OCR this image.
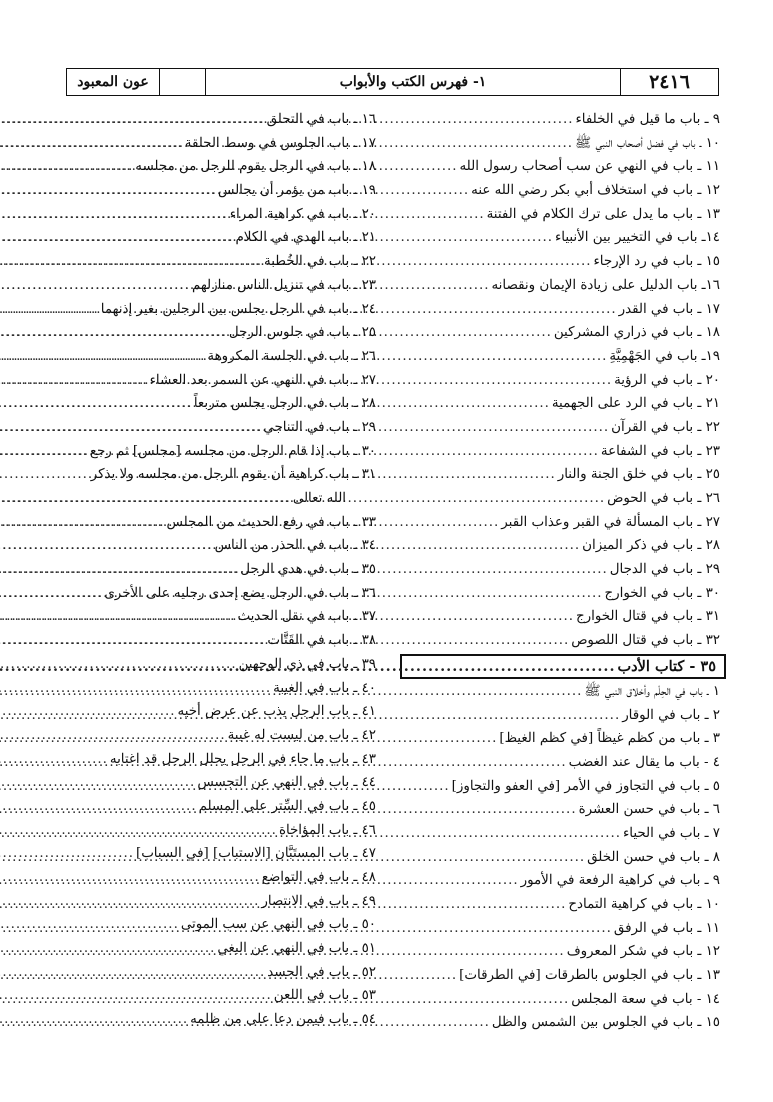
٢٤١٦
١- فهرس الكتب والأبواب
عون المعبود
٩ ـ باب ما قيل في الخلفاء
.....
١٠ ـ باب في فضل أصحاب النبي ﷺ
.....
١١ ـ باب في النهي عن سب أصحاب رسول الله
.....
١٢ ـ باب في استخلاف أبي بكر رضي الله عنه
.....
١٣ ـ باب ما يدل على ترك الكلام في الفتنة
.....
١٤ـ باب في التخيير بين الأنبياء
.....
١٥ ـ باب في رد الإرجاء
.....
١٦ـ باب الدليل على زيادة الإيمان ونقصانه
.....
١٧ ـ باب في القدر
.....
١٨ ـ باب في ذراري المشركين
.....
١٩ـ باب في الجَهْمِيَّةِ
.....
٢٠ ـ باب في الرؤية
.....
٢١ ـ باب في الرد على الجهمية
.....
٢٢ ـ باب في القرآن
.....
٢٣ ـ باب في الشفاعة
.....
٢٥ ـ باب في خلق الجنة والنار
.....
٢٦ ـ باب في الحوض
.....
٢٧ ـ باب المسألة في القبر وعذاب القبر
.....
٢٨ ـ باب في ذكر الميزان
.....
٢٩ ـ باب في الدجال
.....
٣٠ ـ باب في الخوارج
.....
٣١ ـ باب في قتال الخوارج
.....
٣٢ ـ باب في قتال اللصوص
.....
٣٥ - كتاب الأدب
.....
١ ـ باب في الحِلْم وأخلاق النبي ﷺ
.....
٢ ـ باب في الوقار
.....
٣ ـ باب من كظم غيظاً [في كظم الغيظ]
.....
٤ - باب ما يقال عند الغضب
.....
٥ ـ باب في التجاوز في الأمر [في العفو والتجاوز]
.....
٦ ـ باب في حسن العشرة
.....
٧ ـ باب في الحياء
.....
٨ ـ باب في حسن الخلق
.....
٩ ـ باب في كراهية الرفعة في الأمور
.....
١٠ ـ باب في كراهية التمادح
.....
١١ ـ باب في الرفق
.....
١٢ ـ باب في شكر المعروف
.....
١٣ ـ باب في الجلوس بالطرقات [في الطرقات]
.....
١٤ - باب في سعة المجلس
.....
١٥ ـ باب في الجلوس بين الشمس والظل
.....
١٦ ـ باب في التحلق
.....
١٧ ـ باب الجلوس في وسط الحلقة
.....
١٨ ـ باب في الرجل يقوم للرجل من مجلسه
.....
١٩ ـ باب من يؤمر أن يجالس
.....
٢٠ ـ باب في كراهية المراء
.....
٢١ ـ باب الهدي في الكلام
.....
٢٢ ـ باب في الخُطبة
.....
٢٣ ـ باب في تنزيل الناس منازلهم
.....
٢٤ ـ باب في الرجل يجلس بين الرجلين بغير إذنهما
.....
٢٥ ـ باب في جلوس الرجل
.....
٢٦ ـ باب في الجلسة المكروهة
.....
٢٧ ـ باب في النهي عن السمر بعد العشاء
.....
٢٨ ـ باب في الرجل يجلس متربعاً
.....
٢٩ ـ باب في التناجي
.....
٣٠ ـ باب إذا قام الرجل من مجلسه [مجلس] ثم رجع
.....
٣١ ـ باب كراهية أن يقوم الرجل من مجلسه ولا يذكر
الله تعالى
.....
٣٣ ـ باب في رفع الحديث من المجلس
.....
٣٤ ـ باب في الحذر من الناس
.....
٣٥ ـ باب في هدي الرجل
.....
٣٦ ـ باب في الرجل يضع إحدى رجليه على الأخرى
.....
٣٧ ـ باب في نقل الحديث
.....
٣٨ ـ باب في القَتَّات
.....
٣٩ ـ باب في ذي الوجهين
.....
٤٠ ـ باب في الغيبة
.....
٤١ ـ باب الرجل يذب عن عرض أخيه
.....
٤٢ ـ باب من ليست له غيبة
.....
٤٣ ـ باب ما جاء في الرجل يحلل الرجل قد اغتابه
.....
٤٤ ـ باب في النهي عن التجسس
.....
٤٥ ـ باب في السِّتر على المسلم
.....
٤٦ ـ باب المؤاخاة
.....
٤٧ ـ باب المستَبَّان [الاستباب] [في السباب]
.....
٤٨ ـ باب في التواضع
.....
٤٩ ـ باب في الانتصار
.....
٥٠ ـ باب في النهي عن سب الموتى
.....
٥١ ـ باب في النهي عن البغي
.....
٥٢ ـ باب في الحسد
.....
٥٣ ـ باب في اللعن
.....
٥٤ ـ باب فيمن دعا على من ظلمه
.....
